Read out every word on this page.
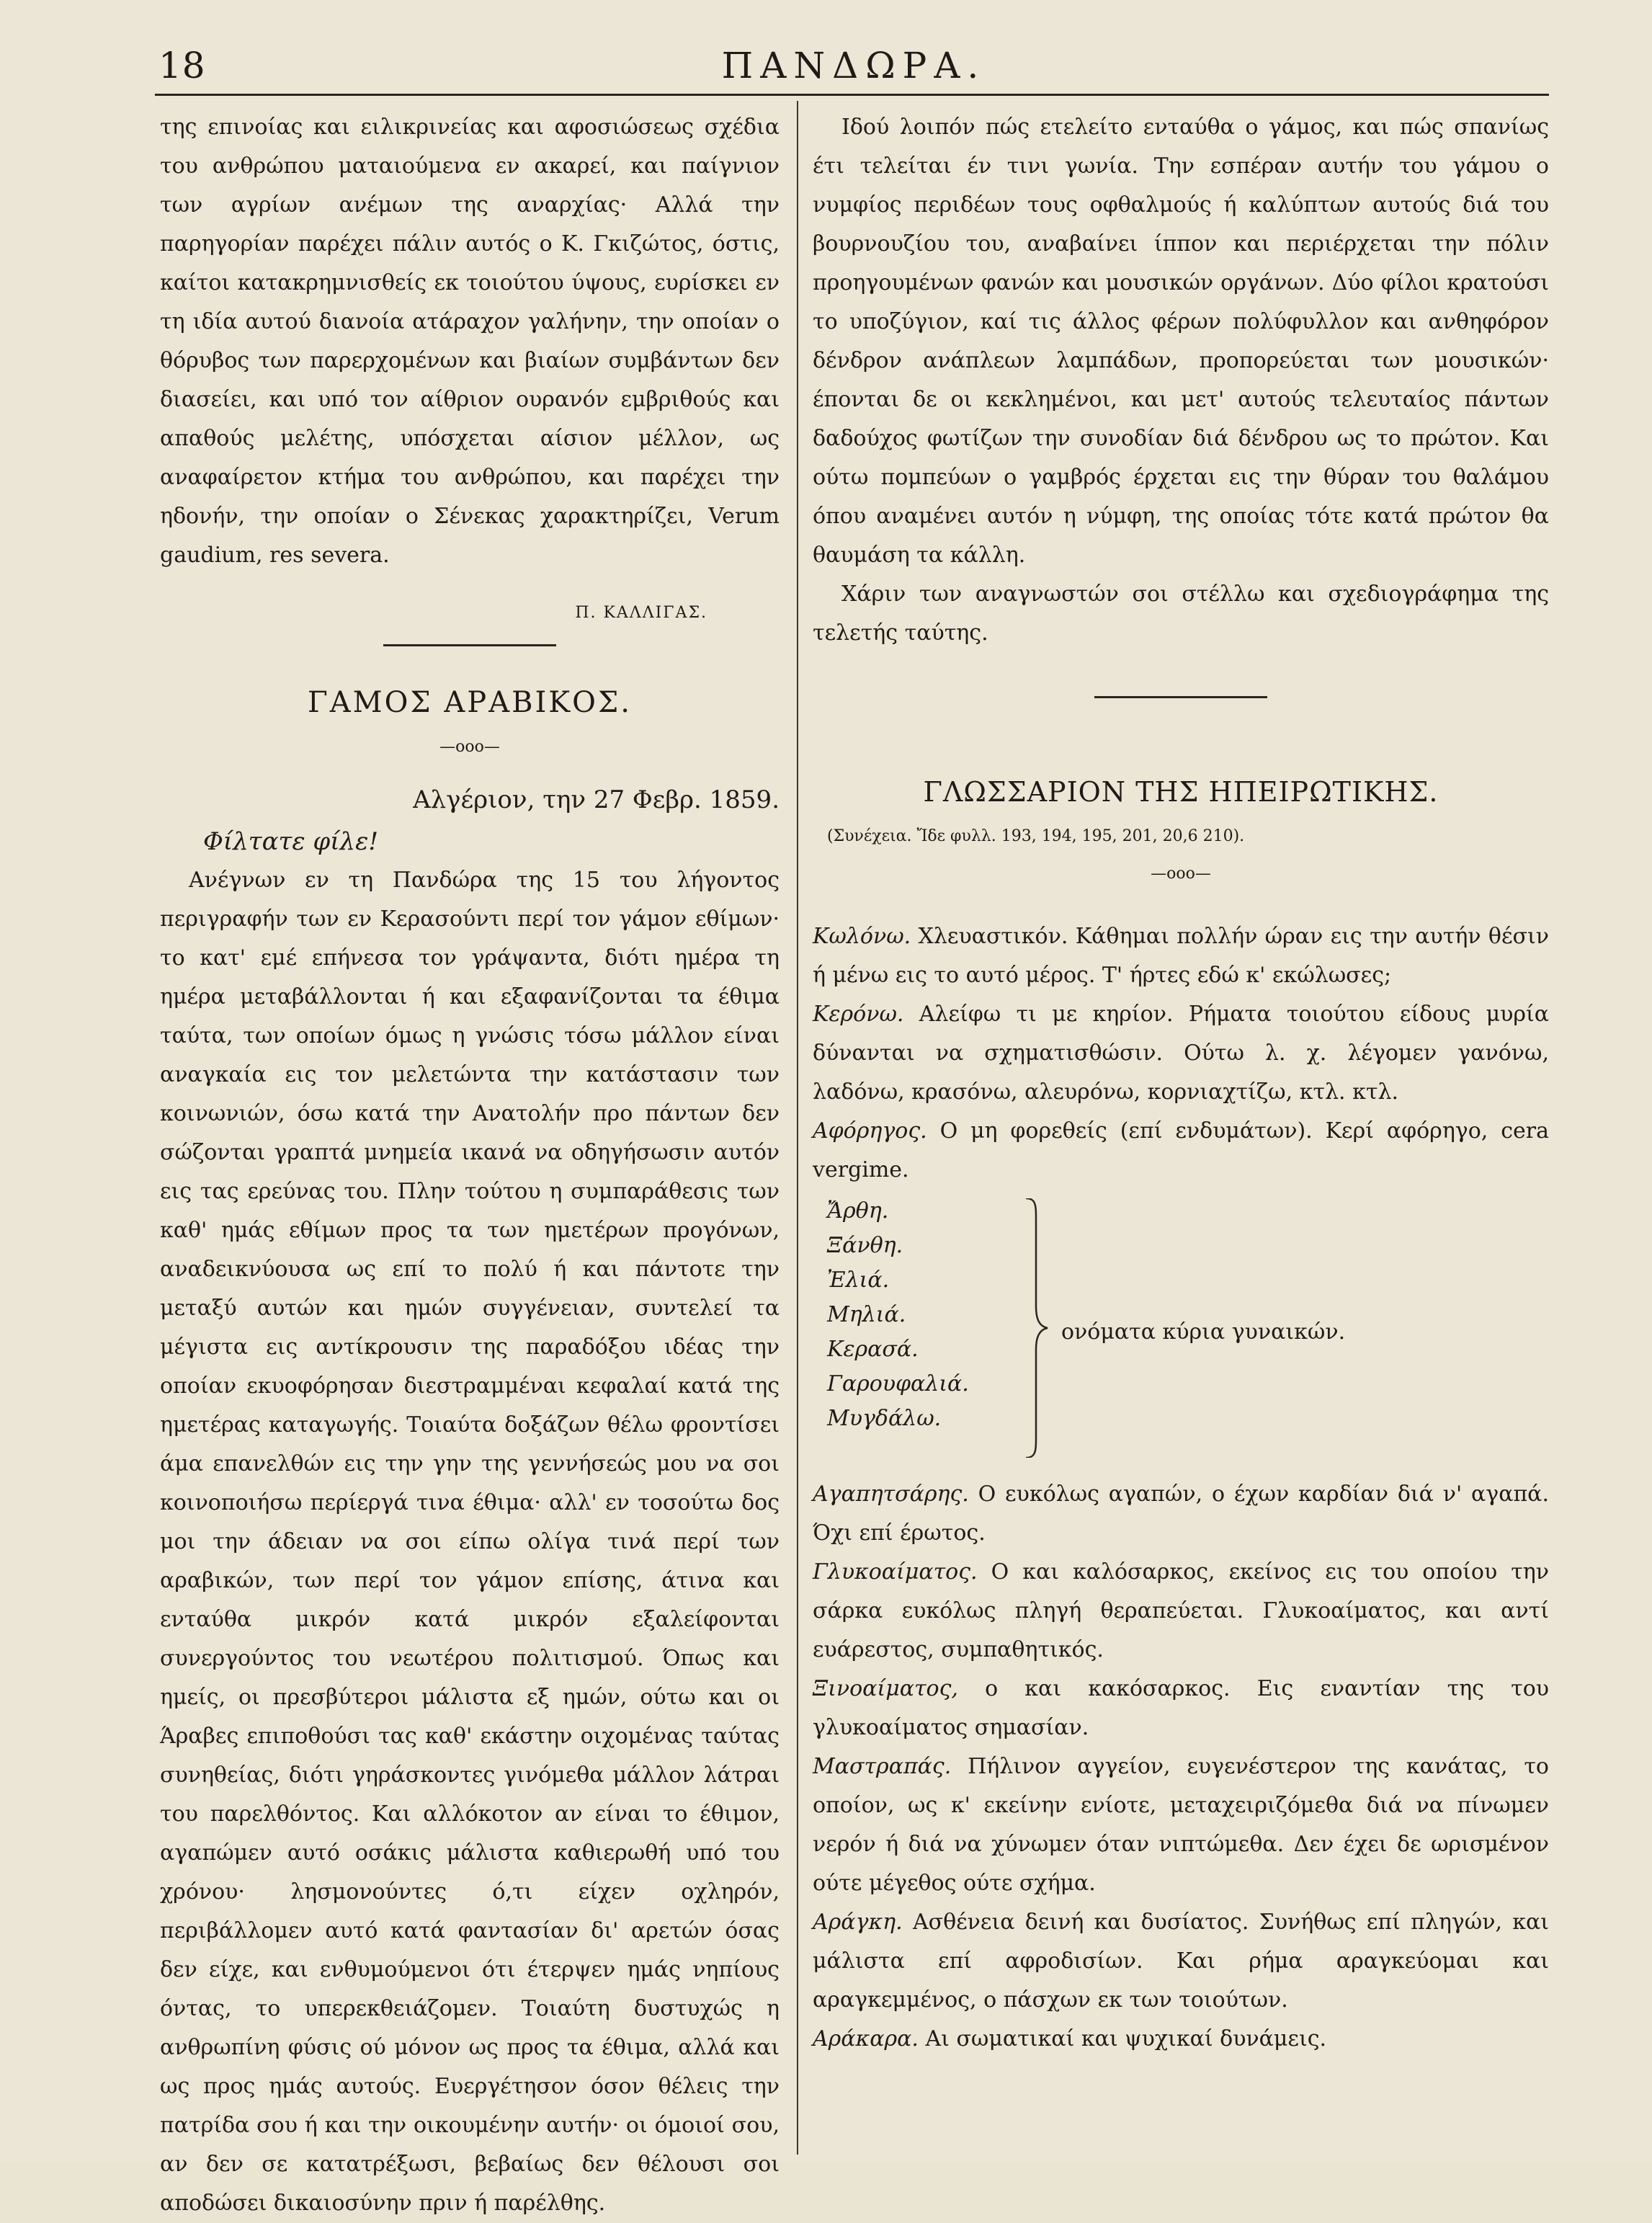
18	ΠΑΝΔΩΡΑ.

της επινοίας και ειλικρινείας και αφοσιώσεως σχέδια του ανθρώπου ματαιούμενα εν ακαρεί, και παίγνιον των αγρίων ανέμων της αναρχίας· Αλλά την παρηγορίαν παρέχει πάλιν αυτός ο Κ. Γκιζώτος, όστις, καίτοι κατακρημνισθείς εκ τοιούτου ύψους, ευρίσκει εν τη ιδία αυτού διανοία ατάραχον γαλήνην, την οποίαν ο θόρυβος των παρερχομένων και βιαίων συμβάντων δεν διασείει, και υπό τον αίθριον ουρανόν εμβριθούς και απαθούς μελέτης, υπόσχεται αίσιον μέλλον, ως αναφαίρετον κτήμα του ανθρώπου, και παρέχει την ηδονήν, την οποίαν ο Σένεκας χαρακτηρίζει, Verum gaudium, res severa.

Π. ΚΑΛΛΙΓΑΣ.
ΓΑΜΟΣ ΑΡΑΒΙΚΟΣ.
—ooo—
Αλγέριον, την 27 Φεβρ. 1859.
Φίλτατε φίλε!

Ανέγνων εν τη Πανδώρα της 15 του λήγοντος περιγραφήν των εν Κερασούντι περί τον γάμον εθίμων· το κατ' εμέ επήνεσα τον γράψαντα, διότι ημέρα τη ημέρα μεταβάλλονται ή και εξαφανίζονται τα έθιμα ταύτα, των οποίων όμως η γνώσις τόσω μάλλον είναι αναγκαία εις τον μελετώντα την κατάστασιν των κοινωνιών, όσω κατά την Ανατολήν προ πάντων δεν σώζονται γραπτά μνημεία ικανά να οδηγήσωσιν αυτόν εις τας ερεύνας του. Πλην τούτου η συμπαράθεσις των καθ' ημάς εθίμων προς τα των ημετέρων προγόνων, αναδεικνύουσα ως επί το πολύ ή και πάντοτε την μεταξύ αυτών και ημών συγγένειαν, συντελεί τα μέγιστα εις αντίκρουσιν της παραδόξου ιδέας την οποίαν εκυοφόρησαν διεστραμμέναι κεφαλαί κατά της ημετέρας καταγωγής. Τοιαύτα δοξάζων θέλω φροντίσει άμα επανελθών εις την γην της γεννήσεώς μου να σοι κοινοποιήσω περίεργά τινα έθιμα· αλλ' εν τοσούτω δος μοι την άδειαν να σοι είπω ολίγα τινά περί των αραβικών, των περί τον γάμον επίσης, άτινα και ενταύθα μικρόν κατά μικρόν εξαλείφονται συνεργούντος του νεωτέρου πολιτισμού. Όπως και ημείς, οι πρεσβύτεροι μάλιστα εξ ημών, ούτω και οι Άραβες επιποθούσι τας καθ' εκάστην οιχομένας ταύτας συνηθείας, διότι γηράσκοντες γινόμεθα μάλλον λάτραι του παρελθόντος. Και αλλόκοτον αν είναι το έθιμον, αγαπώμεν αυτό οσάκις μάλιστα καθιερωθή υπό του χρόνου· λησμονούντες ό,τι είχεν οχληρόν, περιβάλλομεν αυτό κατά φαντασίαν δι' αρετών όσας δεν είχε, και ενθυμούμενοι ότι έτερψεν ημάς νηπίους όντας, το υπερεκθειάζομεν. Τοιαύτη δυστυχώς η ανθρωπίνη φύσις ού μόνον ως προς τα έθιμα, αλλά και ως προς ημάς αυτούς. Ευεργέτησον όσον θέλεις την πατρίδα σου ή και την οικουμένην αυτήν· οι όμοιοί σου, αν δεν σε κατατρέξωσι, βεβαίως δεν θέλουσι σοι αποδώσει δικαιοσύνην πριν ή παρέλθης.

Ιδού λοιπόν πώς ετελείτο ενταύθα ο γάμος, και πώς σπανίως έτι τελείται έν τινι γωνία. Την εσπέραν αυτήν του γάμου ο νυμφίος περιδέων τους οφθαλμούς ή καλύπτων αυτούς διά του βουρνουζίου του, αναβαίνει ίππον και περιέρχεται την πόλιν προηγουμένων φανών και μουσικών οργάνων. Δύο φίλοι κρατούσι το υποζύγιον, καί τις άλλος φέρων πολύφυλλον και ανθηφόρον δένδρον ανάπλεων λαμπάδων, προπορεύεται των μουσικών· έπονται δε οι κεκλημένοι, και μετ' αυτούς τελευταίος πάντων δαδούχος φωτίζων την συνοδίαν διά δένδρου ως το πρώτον. Και ούτω πομπεύων ο γαμβρός έρχεται εις την θύραν του θαλάμου όπου αναμένει αυτόν η νύμφη, της οποίας τότε κατά πρώτον θα θαυμάση τα κάλλη.

Χάριν των αναγνωστών σοι στέλλω και σχεδιογράφημα της τελετής ταύτης.

ΓΛΩΣΣΑΡΙΟΝ ΤΗΣ ΗΠΕΙΡΩΤΙΚΗΣ.
(Συνέχεια. Ἴδε φυλλ. 193, 194, 195, 201, 20,6 210).
—ooo—

Κωλόνω. Χλευαστικόν. Κάθημαι πολλήν ώραν εις την αυτήν θέσιν ή μένω εις το αυτό μέρος. Τ' ήρτες εδώ κ' εκώλωσες;

Κερόνω. Αλείφω τι με κηρίον. Ρήματα τοιούτου είδους μυρία δύνανται να σχηματισθώσιν. Ούτω λ. χ. λέγομεν γανόνω, λαδόνω, κρασόνω, αλευρόνω, κορνιαχτίζω, κτλ. κτλ.

Αφόρηγος. Ο μη φορεθείς (επί ενδυμάτων). Κερί αφόρηγο, cera vergime.

Ἄρθη.
Ξάνθη.
Ἐλιά.
Μηλιά.
Κερασά.
Γαρουφαλιά.
Μυγδάλω.
ονόματα κύρια γυναικών.

Αγαπητσάρης. Ο ευκόλως αγαπών, ο έχων καρδίαν διά ν' αγαπά. Όχι επί έρωτος.

Γλυκοαίματος. Ο και καλόσαρκος, εκείνος εις του οποίου την σάρκα ευκόλως πληγή θεραπεύεται. Γλυκοαίματος, και αντί ευάρεστος, συμπαθητικός.

Ξινοαίματος, ο και κακόσαρκος. Εις εναντίαν της του γλυκοαίματος σημασίαν.

Μαστραπάς. Πήλινον αγγείον, ευγενέστερον της κανάτας, το οποίον, ως κ' εκείνην ενίοτε, μεταχειριζόμεθα διά να πίνωμεν νερόν ή διά να χύνωμεν όταν νιπτώμεθα. Δεν έχει δε ωρισμένον ούτε μέγεθος ούτε σχήμα.

Αράγκη. Ασθένεια δεινή και δυσίατος. Συνήθως επί πληγών, και μάλιστα επί αφροδισίων. Και ρήμα αραγκεύομαι και αραγκεμμένος, ο πάσχων εκ των τοιούτων.

Αράκαρα. Αι σωματικαί και ψυχικαί δυνάμεις.
